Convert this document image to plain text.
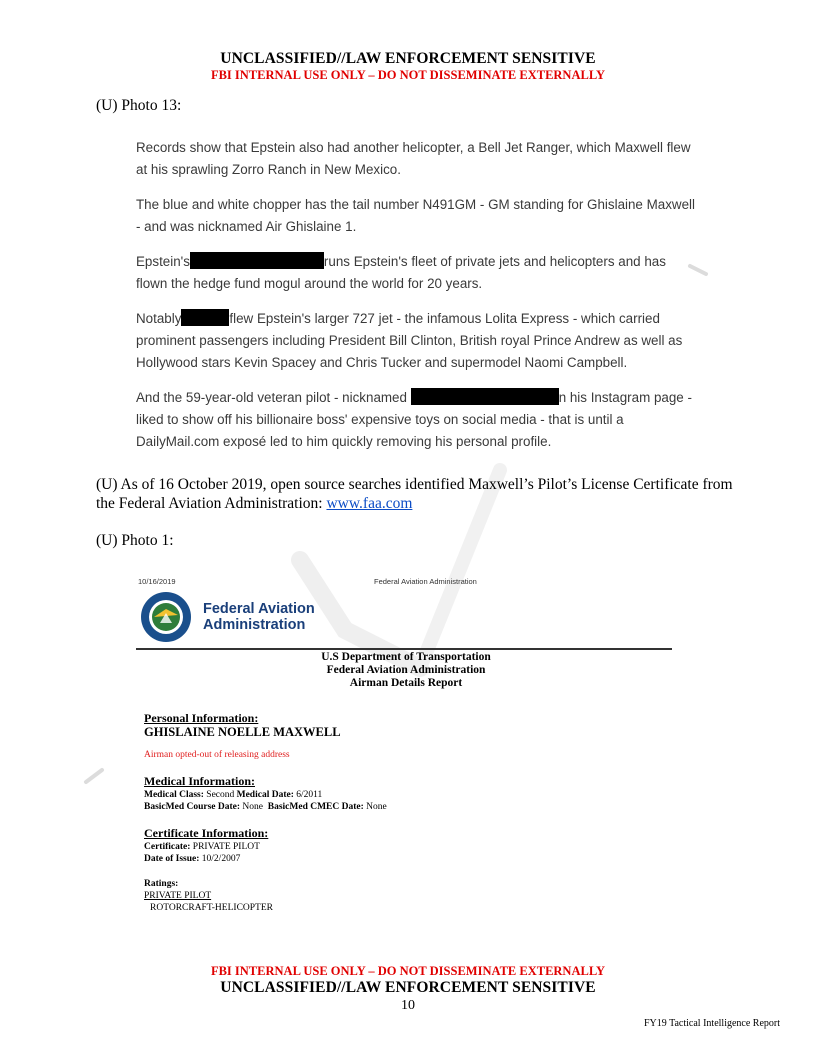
UNCLASSIFIED//LAW ENFORCEMENT SENSITIVE
FBI INTERNAL USE ONLY – DO NOT DISSEMINATE EXTERNALLY
(U) Photo 13:

Records show that Epstein also had another helicopter, a Bell Jet Ranger, which Maxwell flew at his sprawling Zorro Ranch in New Mexico.

The blue and white chopper has the tail number N491GM - GM standing for Ghislaine Maxwell - and was nicknamed Air Ghislaine 1.

Epstein's	runs Epstein's fleet of private jets and helicopters and has flown the hedge fund mogul around the world for 20 years.

Notably	flew Epstein's larger 727 jet - the infamous Lolita Express - which carried prominent passengers including President Bill Clinton, British royal Prince Andrew as well as Hollywood stars Kevin Spacey and Chris Tucker and supermodel Naomi Campbell.

And the 59-year-old veteran pilot - nicknamed	n his Instagram page - liked to show off his billionaire boss' expensive toys on social media - that is until a DailyMail.com exposé led to him quickly removing his personal profile.

(U) As of 16 October 2019, open source searches identified Maxwell’s Pilot’s License Certificate from the Federal Aviation Administration: www.faa.com
(U) Photo 1:
10/16/2019	Federal Aviation Administration
Federal Aviation
Administration
U.S Department of Transportation
Federal Aviation Administration
Airman Details Report
Personal Information:
GHISLAINE NOELLE MAXWELL
Airman opted-out of releasing address
Medical Information:
Medical Class: Second Medical Date: 6/2011
BasicMed Course Date: None BasicMed CMEC Date: None
Certificate Information:
Certificate: PRIVATE PILOT
Date of Issue: 10/2/2007
Ratings:
PRIVATE PILOT
ROTORCRAFT-HELICOPTER
FBI INTERNAL USE ONLY – DO NOT DISSEMINATE EXTERNALLY
UNCLASSIFIED//LAW ENFORCEMENT SENSITIVE
10
FY19 Tactical Intelligence Report
